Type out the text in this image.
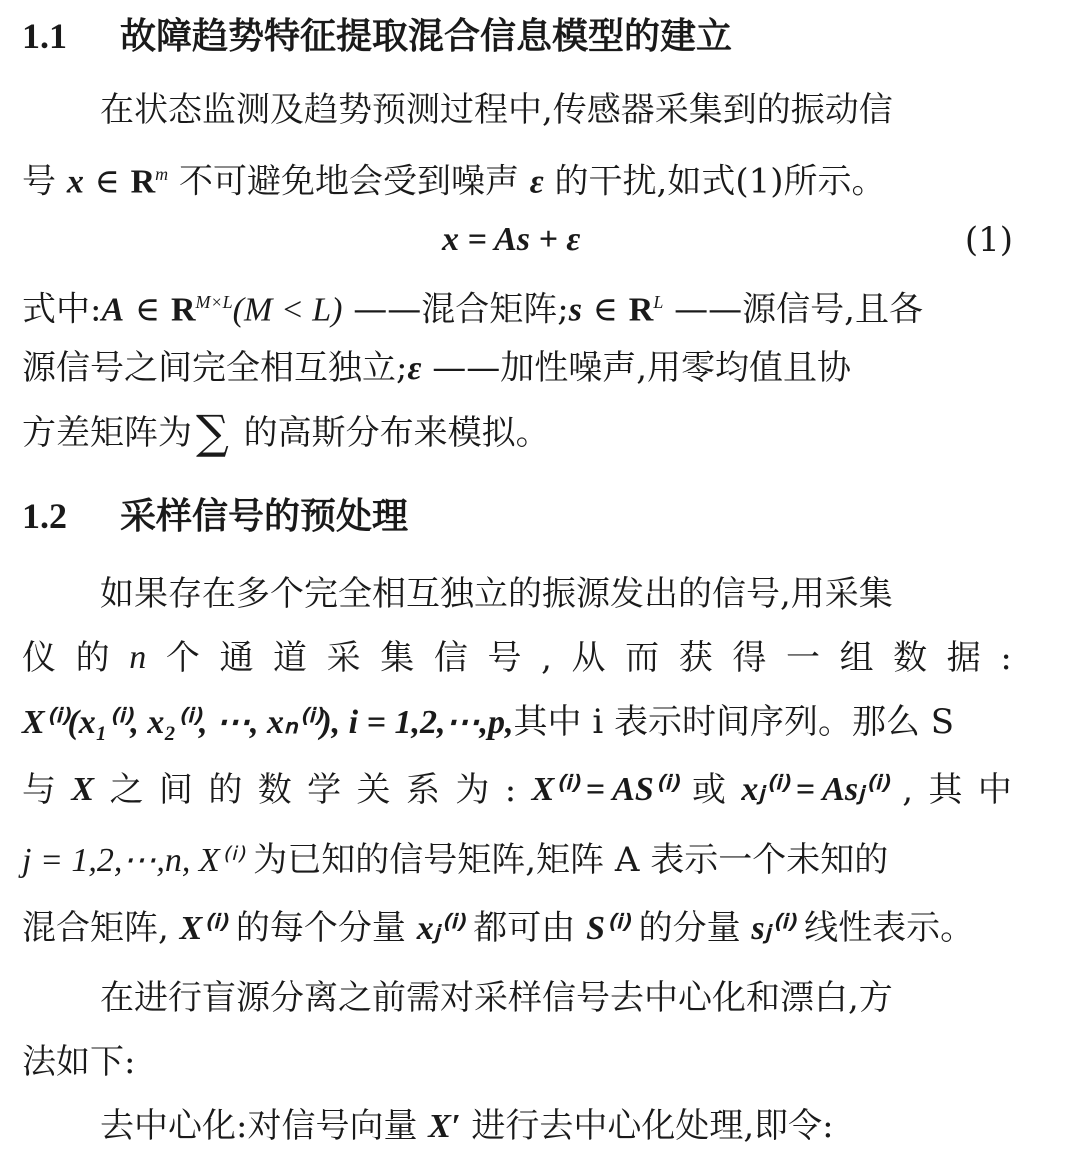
1.1 故障趋势特征提取混合信息模型的建立
在状态监测及趋势预测过程中,传感器采集到的振动信
号 x ∈ $R^m$ 不可避免地会受到噪声 ε 的干扰,如式(1)所示。
x = As + ε	(1)
式中:A ∈ $R^{M\times L}(M < L)$ ——混合矩阵;s ∈ $R^L$ ——源信号,且各
源信号之间完全相互独立;ε ——加性噪声,用零均值且协
方差矩阵为∑ 的高斯分布来模拟。
1.2 采样信号的预处理
如果存在多个完全相互独立的振源发出的信号,用采集
仪 的 n 个 通 道 采 集 信 号 , 从 而 获 得 一 组 数 据 :
X⁽ⁱ⁾(x₁⁽ⁱ⁾, x₂⁽ⁱ⁾, ⋯, xₙ⁽ⁱ⁾), i = 1,2,⋯,p,其中 i 表示时间序列。那么 S
与 X 之 间 的 数 学 关 系 为 : X⁽ⁱ⁾ = AS⁽ⁱ⁾ 或 xⱼ⁽ⁱ⁾ = Asⱼ⁽ⁱ⁾ , 其 中
j = 1,2,⋯,n, X⁽ⁱ⁾ 为已知的信号矩阵,矩阵 A 表示一个未知的
混合矩阵, X⁽ⁱ⁾ 的每个分量 xⱼ⁽ⁱ⁾ 都可由 S⁽ⁱ⁾ 的分量 sⱼ⁽ⁱ⁾ 线性表示。
在进行盲源分离之前需对采样信号去中心化和漂白,方
法如下:
去中心化:对信号向量 X′ 进行去中心化处理,即令:
